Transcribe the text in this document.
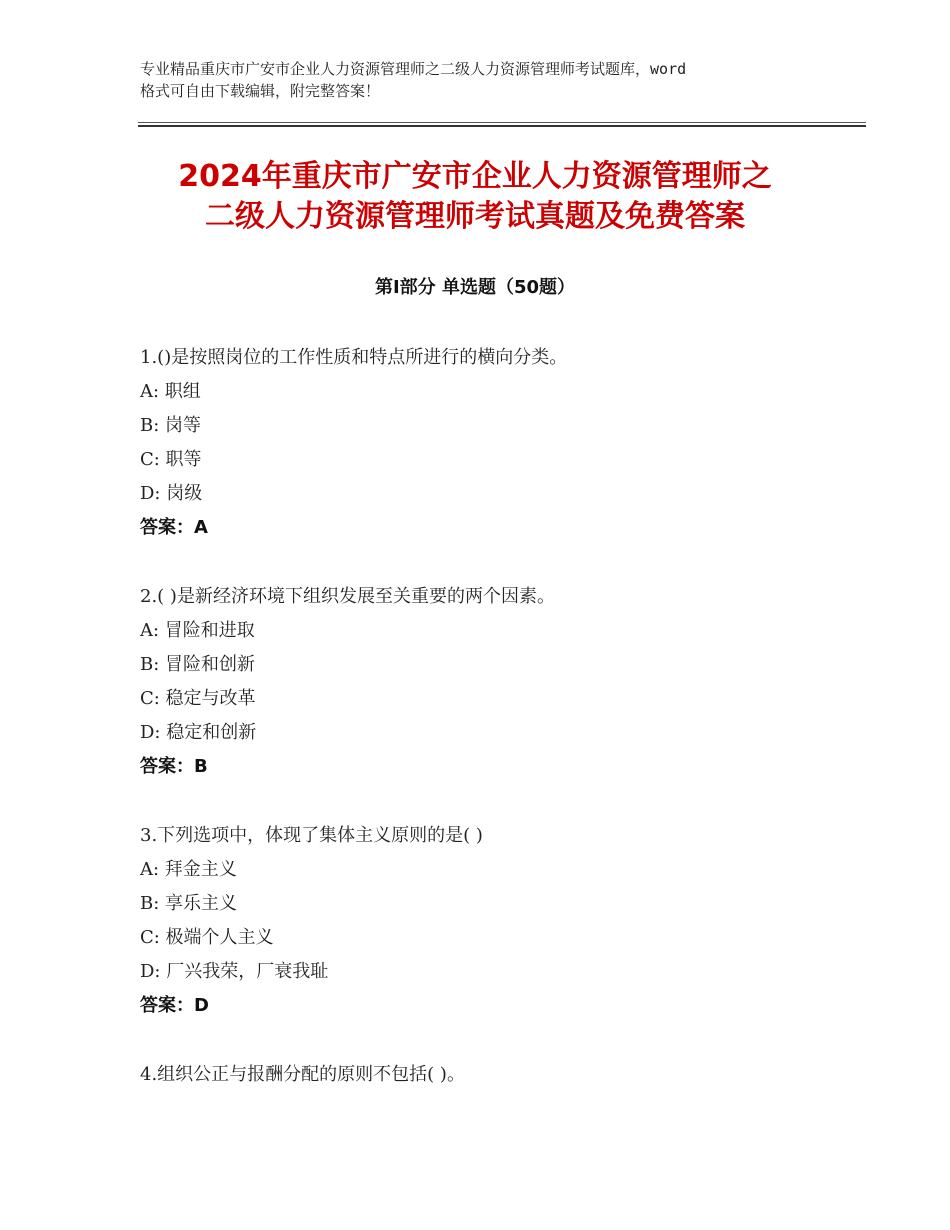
专业精品重庆市广安市企业人力资源管理师之二级人力资源管理师考试题库，word
格式可自由下载编辑，附完整答案！
2024年重庆市广安市企业人力资源管理师之
二级人力资源管理师考试真题及免费答案
第Ⅰ部分 单选题（50题）
1.()是按照岗位的工作性质和特点所进行的横向分类。
A: 职组
B: 岗等
C: 职等
D: 岗级
答案：A
2.( )是新经济环境下组织发展至关重要的两个因素。
A: 冒险和进取
B: 冒险和创新
C: 稳定与改革
D: 稳定和创新
答案：B
3.下列选项中，体现了集体主义原则的是( )
A: 拜金主义
B: 享乐主义
C: 极端个人主义
D: 厂兴我荣，厂衰我耻
答案：D
4.组织公正与报酬分配的原则不包括( )。
